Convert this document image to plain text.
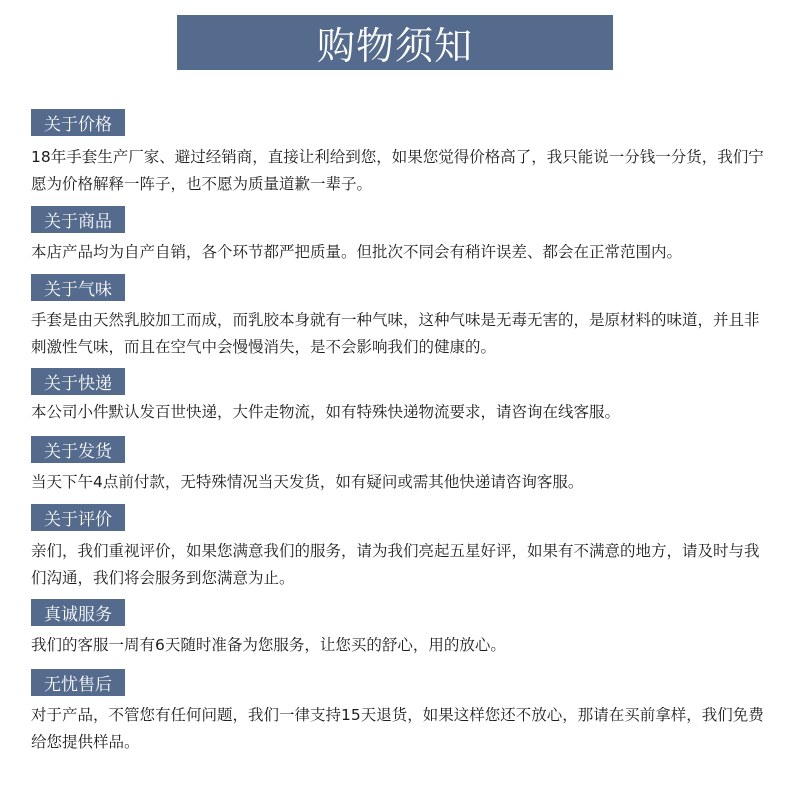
购物须知
关于价格
18年手套生产厂家、避过经销商，直接让利给到您，如果您觉得价格高了，我只能说一分钱一分货，我们宁愿为价格解释一阵子，也不愿为质量道歉一辈子。
关于商品
本店产品均为自产自销，各个环节都严把质量。但批次不同会有稍许误差、都会在正常范围内。
关于气味
手套是由天然乳胶加工而成，而乳胶本身就有一种气味，这种气味是无毒无害的，是原材料的味道，并且非刺激性气味，而且在空气中会慢慢消失，是不会影响我们的健康的。
关于快递
本公司小件默认发百世快递，大件走物流，如有特殊快递物流要求，请咨询在线客服。
关于发货
当天下午4点前付款，无特殊情况当天发货，如有疑问或需其他快递请咨询客服。
关于评价
亲们，我们重视评价，如果您满意我们的服务，请为我们亮起五星好评，如果有不满意的地方，请及时与我们沟通，我们将会服务到您满意为止。
真诚服务
我们的客服一周有6天随时准备为您服务，让您买的舒心，用的放心。
无忧售后
对于产品，不管您有任何问题，我们一律支持15天退货，如果这样您还不放心，那请在买前拿样，我们免费给您提供样品。
